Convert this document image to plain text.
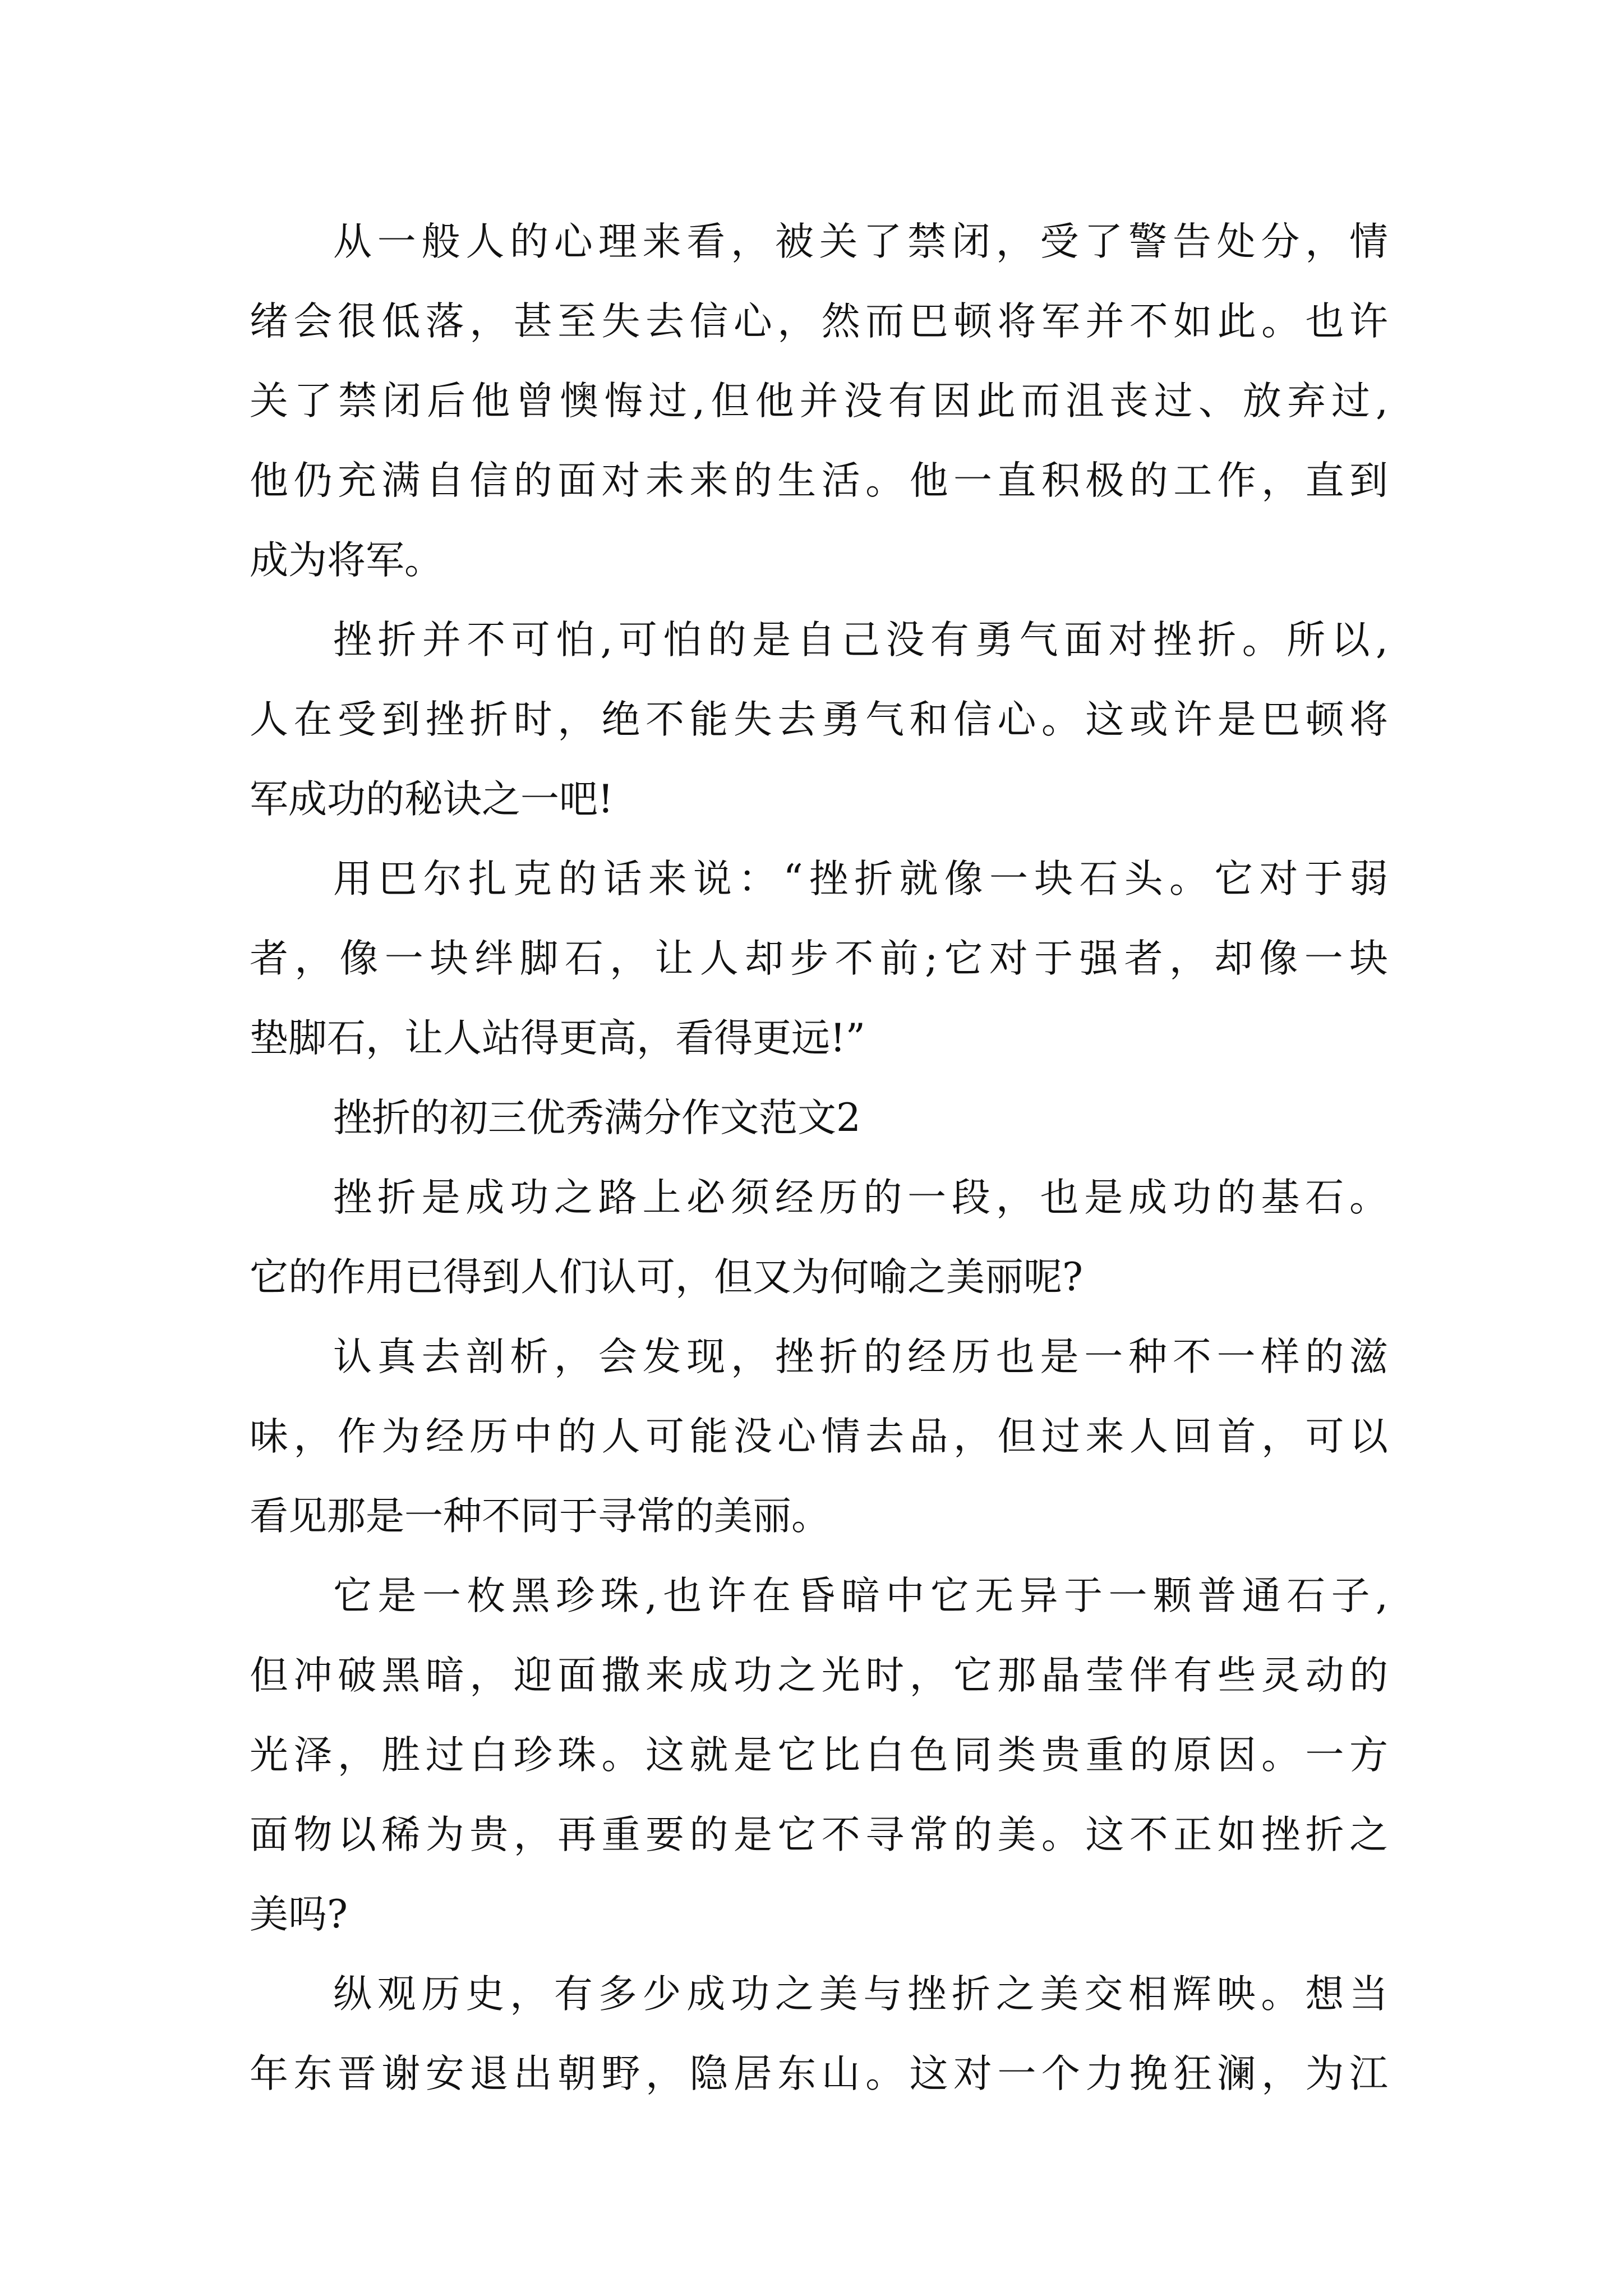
从一般人的心理来看，被关了禁闭，受了警告处分，情
绪会很低落，甚至失去信心，然而巴顿将军并不如此。也许
关了禁闭后他曾懊悔过,但他并没有因此而沮丧过、放弃过,
他仍充满自信的面对未来的生活。他一直积极的工作，直到
成为将军。
挫折并不可怕,可怕的是自己没有勇气面对挫折。所以,
人在受到挫折时，绝不能失去勇气和信心。这或许是巴顿将
军成功的秘诀之一吧!
用巴尔扎克的话来说：“挫折就像一块石头。它对于弱
者，像一块绊脚石，让人却步不前;它对于强者，却像一块
垫脚石，让人站得更高，看得更远!”
挫折的初三优秀满分作文范文2
挫折是成功之路上必须经历的一段，也是成功的基石。
它的作用已得到人们认可，但又为何喻之美丽呢?
认真去剖析，会发现，挫折的经历也是一种不一样的滋
味，作为经历中的人可能没心情去品，但过来人回首，可以
看见那是一种不同于寻常的美丽。
它是一枚黑珍珠,也许在昏暗中它无异于一颗普通石子,
但冲破黑暗，迎面撒来成功之光时，它那晶莹伴有些灵动的
光泽，胜过白珍珠。这就是它比白色同类贵重的原因。一方
面物以稀为贵，再重要的是它不寻常的美。这不正如挫折之
美吗?
纵观历史，有多少成功之美与挫折之美交相辉映。想当
年东晋谢安退出朝野，隐居东山。这对一个力挽狂澜，为江
